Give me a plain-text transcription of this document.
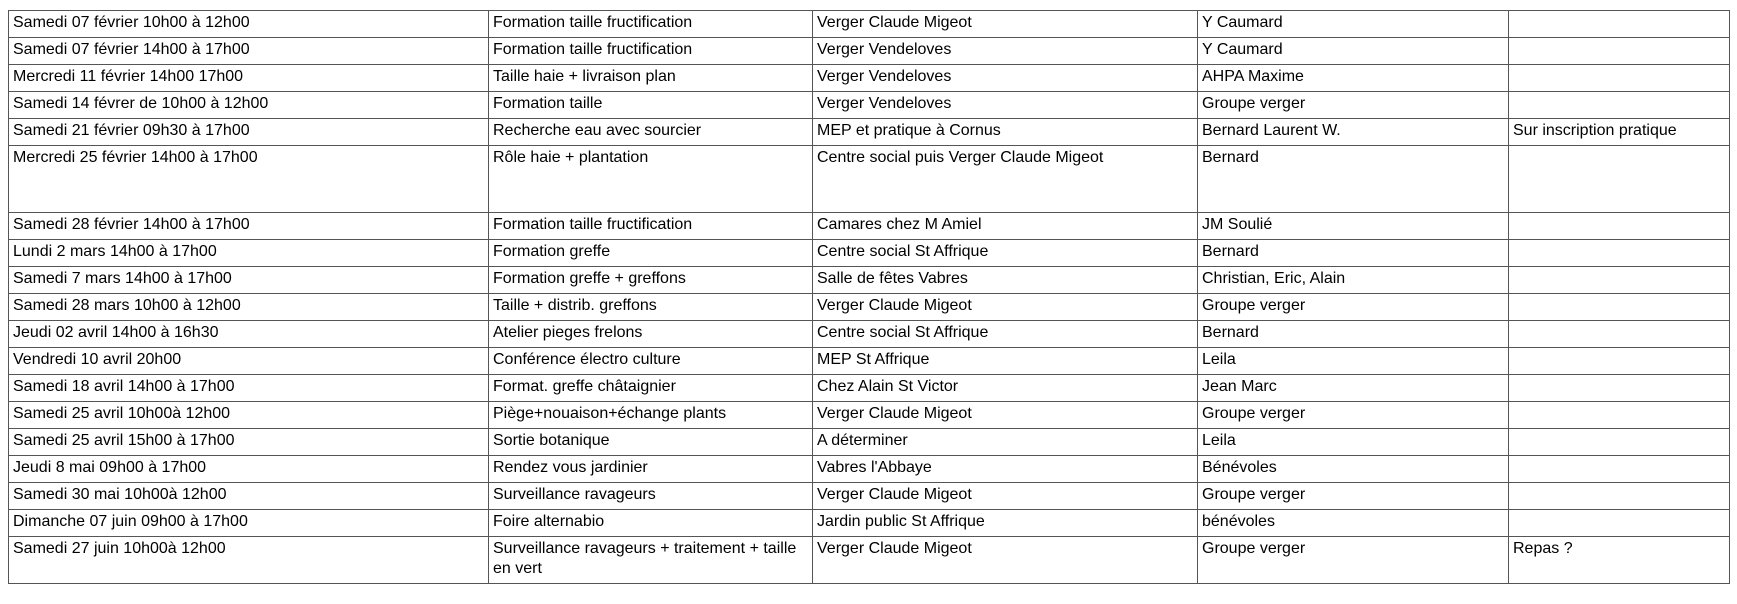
Samedi 07 février 10h00 à 12h00	Formation taille fructification	Verger Claude Migeot	Y Caumard	
Samedi 07 février 14h00 à 17h00	Formation taille fructification	Verger Vendeloves	Y Caumard	
Mercredi 11 février 14h00 17h00	Taille haie + livraison plan	Verger Vendeloves	AHPA Maxime	
Samedi 14 févrer de 10h00 à 12h00	Formation taille	Verger Vendeloves	Groupe verger	
Samedi 21 février 09h30 à 17h00	Recherche eau avec sourcier	MEP et pratique à Cornus	Bernard Laurent W.	Sur inscription pratique
Mercredi 25 février 14h00 à 17h00	Rôle haie + plantation	Centre social puis Verger Claude Migeot	Bernard	
Samedi 28 février 14h00 à 17h00	Formation taille fructification	Camares chez M Amiel	JM Soulié	
Lundi 2 mars 14h00 à 17h00	Formation greffe	Centre social St Affrique	Bernard	
Samedi 7 mars 14h00 à 17h00	Formation greffe + greffons	Salle de fêtes Vabres	Christian, Eric, Alain	
Samedi 28 mars 10h00 à 12h00	Taille + distrib. greffons	Verger Claude Migeot	Groupe verger	
Jeudi 02 avril 14h00 à 16h30	Atelier pieges frelons	Centre social St Affrique	Bernard	
Vendredi 10 avril 20h00	Conférence électro culture	MEP St Affrique	Leila	
Samedi 18 avril 14h00 à 17h00	Format. greffe châtaignier	Chez Alain St Victor	Jean Marc	
Samedi 25 avril 10h00à 12h00	Piège+nouaison+échange plants	Verger Claude Migeot	Groupe verger	
Samedi 25 avril 15h00 à 17h00	Sortie botanique	A déterminer	Leila	
Jeudi 8 mai 09h00 à 17h00	Rendez vous jardinier	Vabres l'Abbaye	Bénévoles	
Samedi 30 mai 10h00à 12h00	Surveillance ravageurs	Verger Claude Migeot	Groupe verger	
Dimanche 07 juin 09h00 à 17h00	Foire alternabio	Jardin public St Affrique	bénévoles	
Samedi 27 juin 10h00à 12h00	Surveillance ravageurs + traitement + taille en vert	Verger Claude Migeot	Groupe verger	Repas ?
